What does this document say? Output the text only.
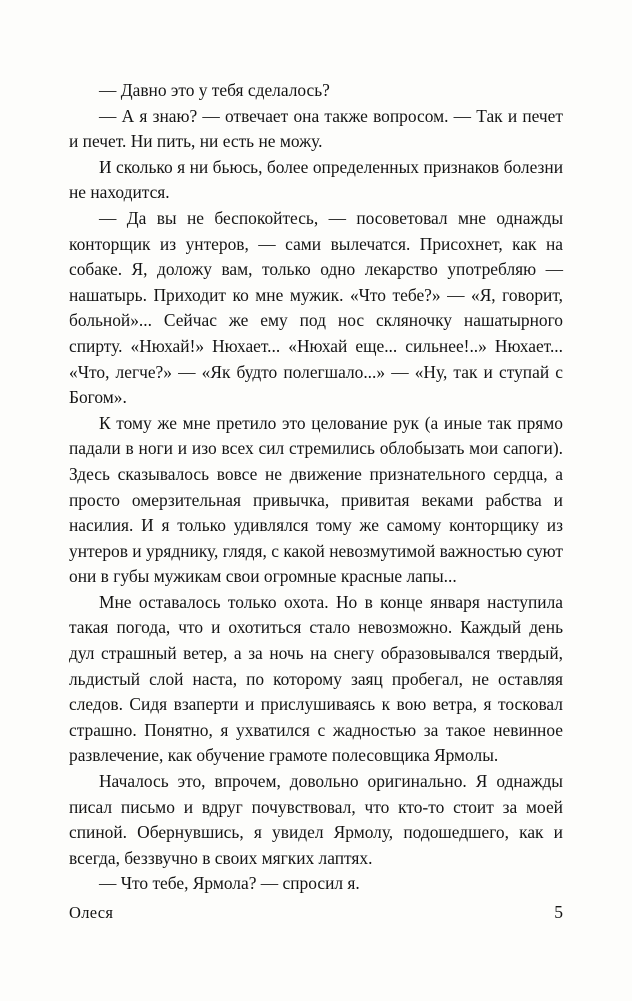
— Давно это у тебя сделалось?

— А я знаю? — отвечает она также вопросом. — Так и печет и печет. Ни пить, ни есть не можу.

И сколько я ни бьюсь, более определенных признаков болезни не находится.

— Да вы не беспокойтесь, — посоветовал мне однажды конторщик из унтеров, — сами вылечатся. Присохнет, как на собаке. Я, доложу вам, только одно лекарство употребляю — нашатырь. Приходит ко мне мужик. «Что тебе?» — «Я, говорит, больной»... Сейчас же ему под нос скляночку нашатырного спирту. «Нюхай!» Нюхает... «Нюхай еще... сильнее!..» Нюхает... «Что, легче?» — «Як будто полегшало...» — «Ну, так и ступай с Богом».

К тому же мне претило это целование рук (а иные так прямо падали в ноги и изо всех сил стремились облобызать мои сапоги). Здесь сказывалось вовсе не движение признательного сердца, а просто омерзительная привычка, привитая веками рабства и насилия. И я только удивлялся тому же самому конторщику из унтеров и уряднику, глядя, с какой невозмутимой важностью суют они в губы мужикам свои огромные красные лапы...

Мне оставалось только охота. Но в конце января наступила такая погода, что и охотиться стало невозможно. Каждый день дул страшный ветер, а за ночь на снегу образовывался твердый, льдистый слой наста, по которому заяц пробегал, не оставляя следов. Сидя взаперти и прислушиваясь к вою ветра, я тосковал страшно. Понятно, я ухватился с жадностью за такое невинное развлечение, как обучение грамоте полесовщика Ярмолы.

Началось это, впрочем, довольно оригинально. Я однажды писал письмо и вдруг почувствовал, что кто-то стоит за моей спиной. Обернувшись, я увидел Ярмолу, подошедшего, как и всегда, беззвучно в своих мягких лаптях.

— Что тебе, Ярмола? — спросил я.

Олеся	5
